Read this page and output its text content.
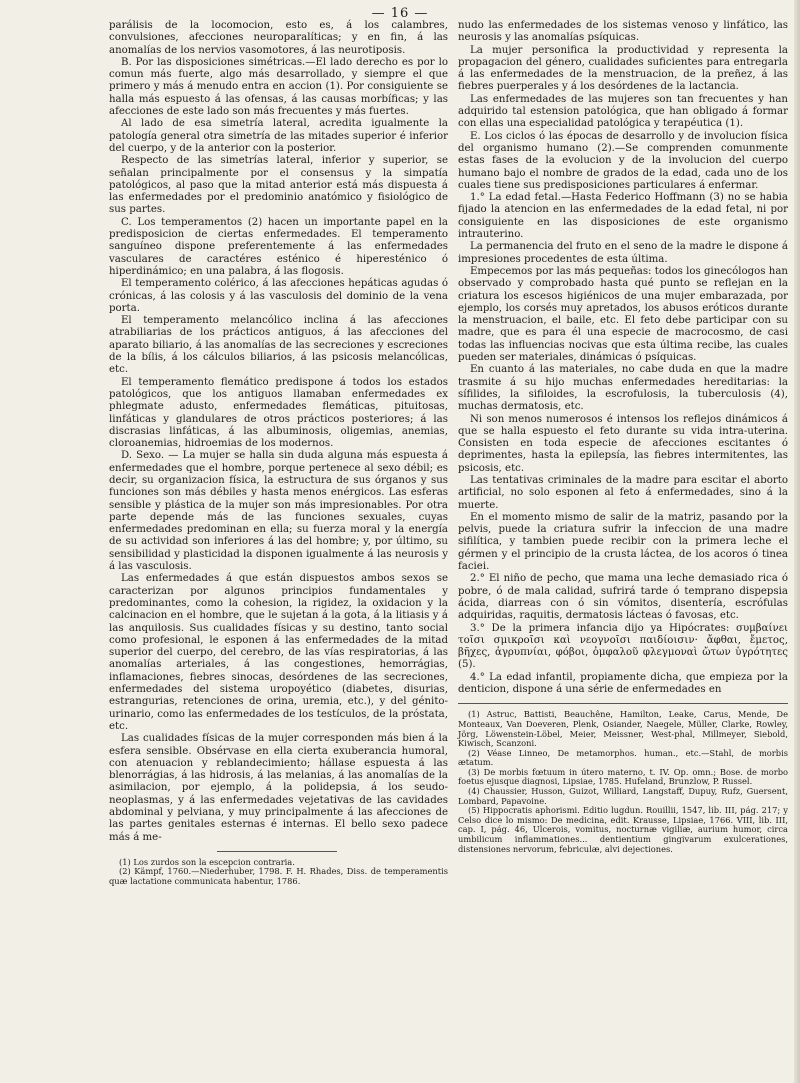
— 16 —

parálisis de la locomocion, esto es, á los calambres, convulsiones, afecciones neuroparalíticas; y en fin, á las anomalías de los nervios vasomotores, á las neurotiposis.

B. Por las disposiciones simétricas.—El lado derecho es por lo comun más fuerte, algo más desarrollado, y siempre el que primero y más á menudo entra en accion (1). Por consiguiente se halla más espuesto á las ofensas, á las causas morbíficas; y las afecciones de este lado son más frecuentes y más fuertes.

Al lado de esa simetría lateral, acredita igualmente la patología general otra simetría de las mitades superior é inferior del cuerpo, y de la anterior con la posterior.

Respecto de las simetrías lateral, inferior y superior, se señalan principalmente por el consensus y la simpatía patológicos, al paso que la mitad anterior está más dispuesta á las enfermedades por el predominio anatómico y fisiológico de sus partes.

C. Los temperamentos (2) hacen un importante papel en la predisposicion de ciertas enfermedades. El temperamento sanguíneo dispone preferentemente á las enfermedades vasculares de caractéres esténico é hiperesténico ó hiperdinámico; en una palabra, á las flogosis.

El temperamento colérico, á las afecciones hepáticas agudas ó crónicas, á las colosis y á las vasculosis del dominio de la vena porta.

El temperamento melancólico inclina á las afecciones atrabiliarias de los prácticos antiguos, á las afecciones del aparato biliario, á las anomalías de las secreciones y escreciones de la bílis, á los cálculos biliarios, á las psicosis melancólicas, etc.

El temperamento flemático predispone á todos los estados patológicos, que los antiguos llamaban enfermedades ex phlegmate adusto, enfermedades flemáticas, pituitosas, linfáticas y glandulares de otros prácticos posteriores; á las discrasias linfáticas, á las albuminosis, oligemias, anemias, cloroanemias, hidroemias de los modernos.

D. Sexo. — La mujer se halla sin duda alguna más espuesta á enfermedades que el hombre, porque pertenece al sexo débil; es decir, su organizacion física, la estructura de sus órganos y sus funciones son más débiles y hasta menos enérgicos. Las esferas sensible y plástica de la mujer son más impresionables. Por otra parte depende más de las funciones sexuales, cuyas enfermedades predominan en ella; su fuerza moral y la energía de su actividad son inferiores á las del hombre; y, por último, su sensibilidad y plasticidad la disponen igualmente á las neurosis y á las vasculosis.

Las enfermedades á que están dispuestos ambos sexos se caracterizan por algunos principios fundamentales y predominantes, como la cohesion, la rigidez, la oxidacion y la calcinacion en el hombre, que le sujetan á la gota, á la litiasis y á las anquilosis. Sus cualidades físicas y su destino, tanto social como profesional, le esponen á las enfermedades de la mitad superior del cuerpo, del cerebro, de las vías respiratorias, á las anomalías arteriales, á las congestiones, hemorrágias, inflamaciones, fiebres sinocas, desórdenes de las secreciones, enfermedades del sistema uropoyético (diabetes, disurias, estrangurias, retenciones de orina, uremia, etc.), y del génito-urinario, como las enfermedades de los testículos, de la próstata, etc.

Las cualidades físicas de la mujer corresponden más bien á la esfera sensible. Obsérvase en ella cierta exuberancia humoral, con atenuacion y reblandecimiento; hállase espuesta á las blenorrágias, á las hidrosis, á las melanias, á las anomalías de la asimilacion, por ejemplo, á la polidepsia, á los seudo-neoplasmas, y á las enfermedades vejetativas de las cavidades abdominal y pelviana, y muy principalmente á las afecciones de las partes genitales esternas é internas. El bello sexo padece más á me-

(1) Los zurdos son la escepcion contraria.

(2) Kämpf, 1760.—Niederhuber, 1798. F. H. Rhades, Diss. de temperamentis quæ lactatione communicata habentur, 1786.

nudo las enfermedades de los sistemas venoso y linfático, las neurosis y las anomalías psíquicas.

La mujer personifica la productividad y representa la propagacion del género, cualidades suficientes para entregarla á las enfermedades de la menstruacion, de la preñez, á las fiebres puerperales y á los desórdenes de la lactancia.

Las enfermedades de las mujeres son tan frecuentes y han adquirido tal estension patológica, que han obligado á formar con ellas una especialidad patológica y terapéutica (1).

E. Los ciclos ó las épocas de desarrollo y de involucion física del organismo humano (2).—Se comprenden comunmente estas fases de la evolucion y de la involucion del cuerpo humano bajo el nombre de grados de la edad, cada uno de los cuales tiene sus predisposiciones particulares á enfermar.

1.° La edad fetal.—Hasta Federico Hoffmann (3) no se habia fijado la atencion en las enfermedades de la edad fetal, ni por consiguiente en las disposiciones de este organismo intrauterino.

La permanencia del fruto en el seno de la madre le dispone á impresiones procedentes de esta última.

Empecemos por las más pequeñas: todos los ginecólogos han observado y comprobado hasta qué punto se reflejan en la criatura los escesos higiénicos de una mujer embarazada, por ejemplo, los corsés muy apretados, los abusos eróticos durante la menstruacion, el baile, etc. El feto debe participar con su madre, que es para él una especie de macrocosmo, de casi todas las influencias nocivas que esta última recibe, las cuales pueden ser materiales, dinámicas ó psíquicas.

En cuanto á las materiales, no cabe duda en que la madre trasmite á su hijo muchas enfermedades hereditarias: la sífilides, la sifiloides, la escrofulosis, la tuberculosis (4), muchas dermatosis, etc.

Ni son menos numerosos é intensos los reflejos dinámicos á que se halla espuesto el feto durante su vida intra-uterina. Consisten en toda especie de afecciones escitantes ó deprimentes, hasta la epilepsía, las fiebres intermitentes, las psicosis, etc.

Las tentativas criminales de la madre para escitar el aborto artificial, no solo esponen al feto á enfermedades, sino á la muerte.

En el momento mismo de salir de la matriz, pasando por la pelvis, puede la criatura sufrir la infeccion de una madre sifilítica, y tambien puede recibir con la primera leche el gérmen y el principio de la crusta láctea, de los acoros ó tinea faciei.

2.° El niño de pecho, que mama una leche demasiado rica ó pobre, ó de mala calidad, sufrirá tarde ó temprano dispepsia ácida, diarreas con ó sin vómitos, disentería, escrófulas adquiridas, raquitis, dermatosis lácteas ó favosas, etc.

3.° De la primera infancia dijo ya Hipócrates: συμβαίνει τοῖσι σμικροῖσι καὶ νεογνοῖσι παιδίοισιν· ἄφθαι, ἔμετος, βῆχες, ἀγρυπνίαι, φόβοι, ὀμφαλοῦ φλεγμοναὶ ὤτων ὑγρότητες (5).

4.° La edad infantil, propiamente dicha, que empieza por la denticion, dispone á una série de enfermedades en

(1) Astruc, Battisti, Beauchêne, Hamilton, Leake, Carus, Mende, De Monteaux, Van Doeveren, Plenk, Osiander, Naegele, Müller, Clarke, Rowley, Jörg, Löwenstein-Löbel, Meier, Meissner, West-phal, Millmeyer, Siebold, Kiwisch, Scanzoni.

(2) Véase Linneo, De metamorphos. human., etc.—Stahl, de morbis ætatum.

(3) De morbis fœtuum in útero materno, t. IV. Op. omn.; Bose. de morbo foetus ejusque diagnosi, Lipsiae, 1785. Hufeland, Brunzlow, P. Russel.

(4) Chaussier, Husson, Guizot, Williard, Langstaff, Dupuy, Rufz, Guersent, Lombard, Papavoine.

(5) Hippocratis aphorismi. Editio lugdun. Rouillii, 1547, lib. III, pág. 217; y Celso dice lo mismo: De medicina, edit. Krausse, Lipsiae, 1766. VIII, lib. III, cap. I, pág. 46, Ulcerois, vomitus, nocturnæ vigiliæ, aurium humor, circa umbilicum inflammationes... dentientium gingivarum exulcerationes, distensiones nervorum, febriculæ, alvi dejectiones.
